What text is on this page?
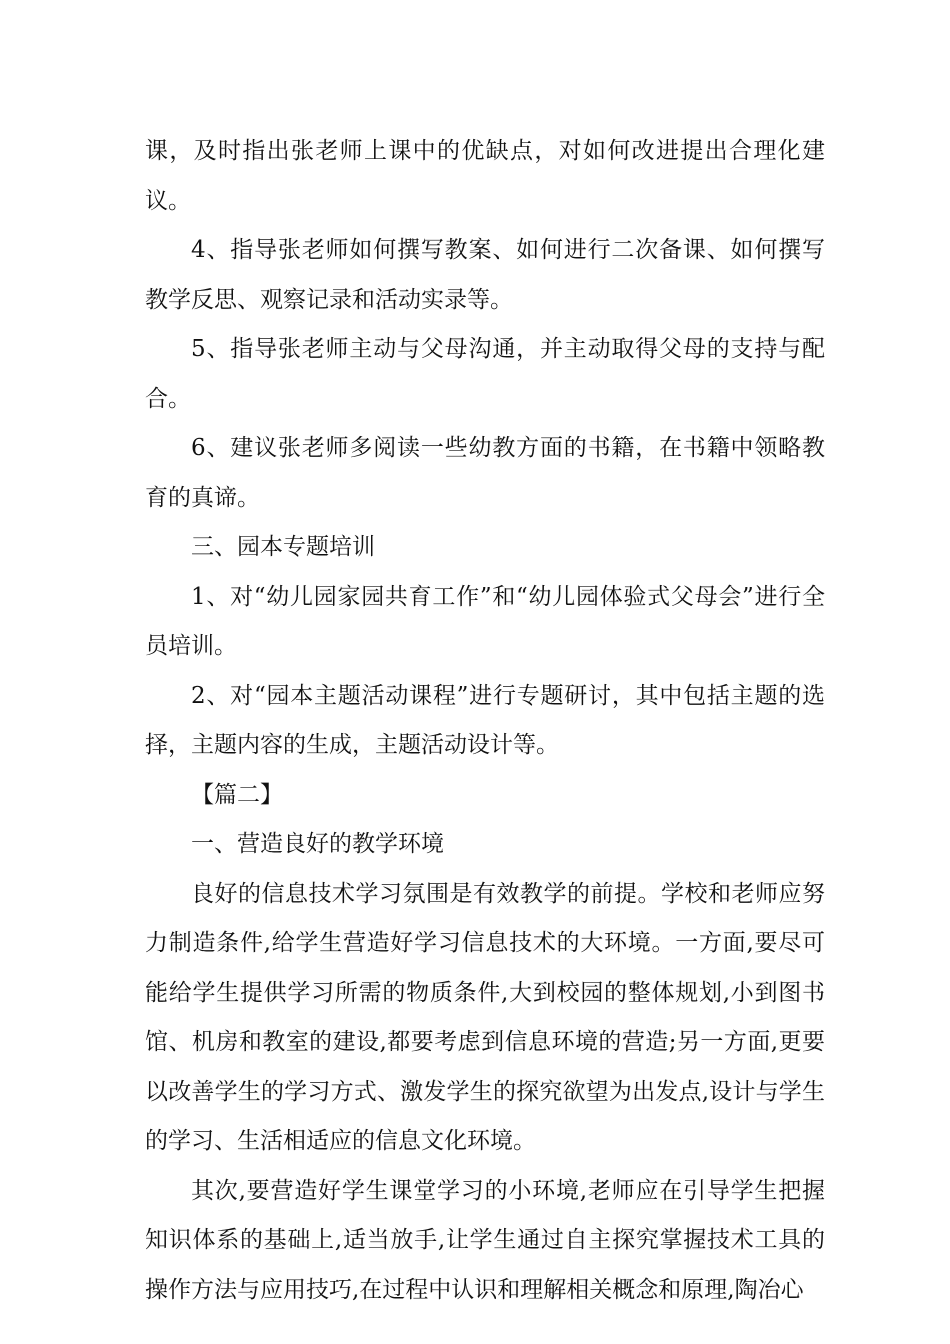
课，及时指出张老师上课中的优缺点，对如何改进提出合理化建议。

4、指导张老师如何撰写教案、如何进行二次备课、如何撰写教学反思、观察记录和活动实录等。

5、指导张老师主动与父母沟通，并主动取得父母的支持与配合。

6、建议张老师多阅读一些幼教方面的书籍，在书籍中领略教育的真谛。

三、园本专题培训

1、对“幼儿园家园共育工作”和“幼儿园体验式父母会”进行全员培训。

2、对“园本主题活动课程”进行专题研讨，其中包括主题的选择，主题内容的生成，主题活动设计等。

【篇二】

一、营造良好的教学环境

良好的信息技术学习氛围是有效教学的前提。学校和老师应努力制造条件,给学生营造好学习信息技术的大环境。一方面,要尽可能给学生提供学习所需的物质条件,大到校园的整体规划,小到图书馆、机房和教室的建设,都要考虑到信息环境的营造;另一方面,更要以改善学生的学习方式、激发学生的探究欲望为出发点,设计与学生的学习、生活相适应的信息文化环境。

其次,要营造好学生课堂学习的小环境,老师应在引导学生把握知识体系的基础上,适当放手,让学生通过自主探究掌握技术工具的操作方法与应用技巧,在过程中认识和理解相关概念和原理,陶冶心
